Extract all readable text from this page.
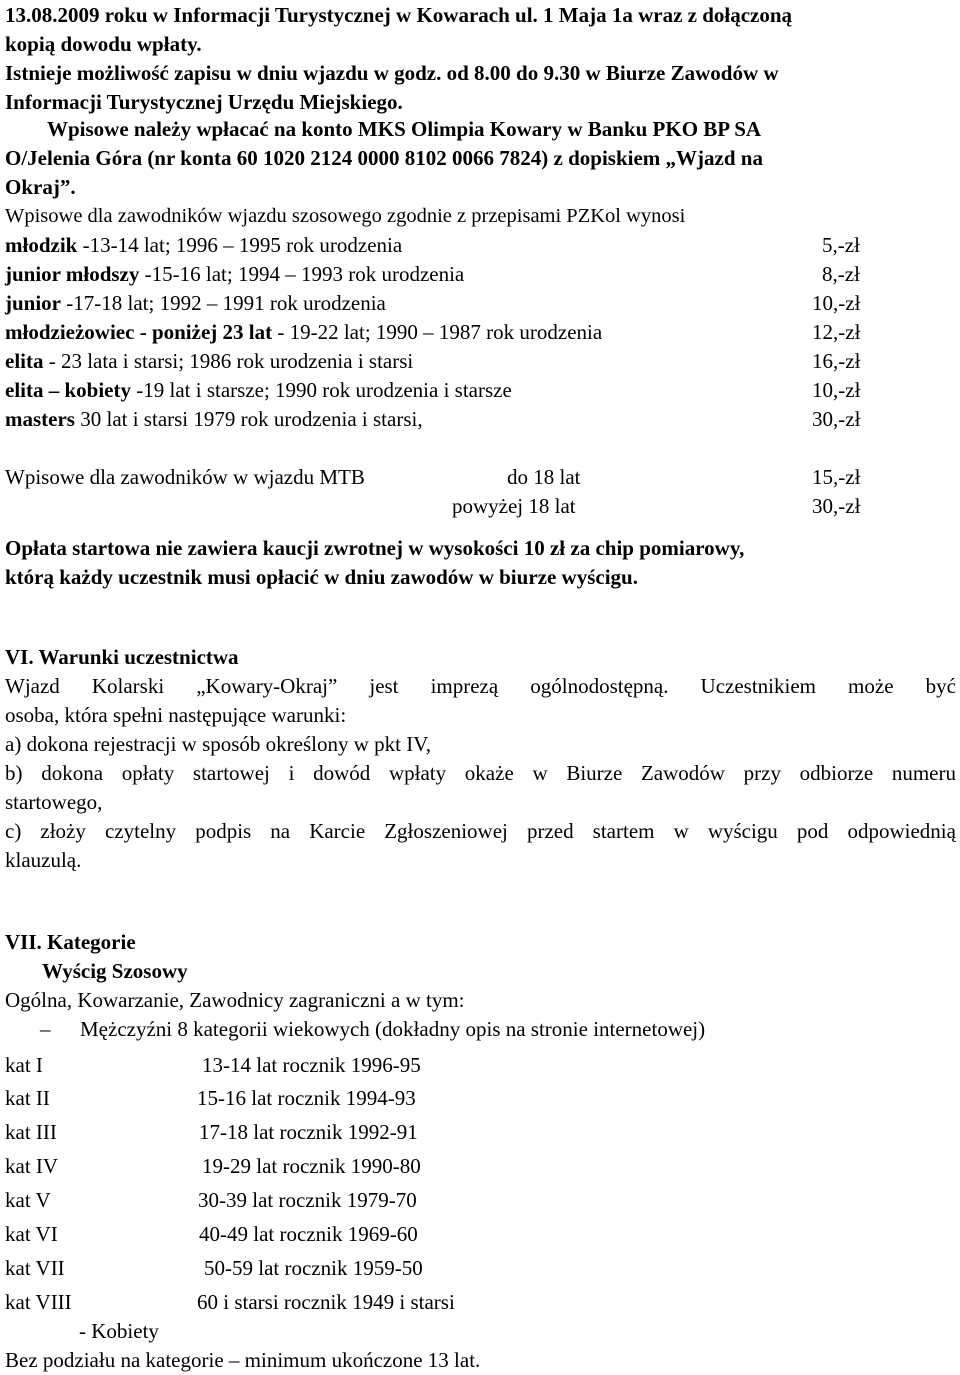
13.08.2009 roku w Informacji Turystycznej w Kowarach ul. 1 Maja 1a wraz z dołączoną
kopią dowodu wpłaty.
Istnieje możliwość zapisu w dniu wjazdu w godz. od 8.00 do 9.30 w Biurze Zawodów w
Informacji Turystycznej Urzędu Miejskiego.
Wpisowe należy wpłacać na konto MKS Olimpia Kowary w Banku PKO BP SA
O/Jelenia Góra (nr konta 60 1020 2124 0000 8102 0066 7824) z dopiskiem „Wjazd na
Okraj”.
Wpisowe dla zawodników wjazdu szosowego zgodnie z przepisami PZKol wynosi
młodzik -13-14 lat; 1996 – 1995 rok urodzenia	5,-zł
junior młodszy -15-16 lat; 1994 – 1993 rok urodzenia	8,-zł
junior -17-18 lat; 1992 – 1991 rok urodzenia	10,-zł
młodzieżowiec - poniżej 23 lat - 19-22 lat; 1990 – 1987 rok urodzenia	12,-zł
elita - 23 lata i starsi; 1986 rok urodzenia i starsi	16,-zł
elita – kobiety -19 lat i starsze; 1990 rok urodzenia i starsze	10,-zł
masters 30 lat i starsi 1979 rok urodzenia i starsi,	30,-zł
Wpisowe dla zawodników w wjazdu MTB	do 18 lat	15,-zł
powyżej 18 lat	30,-zł
Opłata startowa nie zawiera kaucji zwrotnej w wysokości 10 zł za chip pomiarowy,
którą każdy uczestnik musi opłacić w dniu zawodów w biurze wyścigu.
VI. Warunki uczestnictwa
Wjazd Kolarski „Kowary-Okraj” jest imprezą ogólnodostępną. Uczestnikiem może być
osoba, która spełni następujące warunki:
a) dokona rejestracji w sposób określony w pkt IV,
b) dokona opłaty startowej i dowód wpłaty okaże w Biurze Zawodów przy odbiorze numeru
startowego,
c) złoży czytelny podpis na Karcie Zgłoszeniowej przed startem w wyścigu pod odpowiednią
klauzulą.
VII. Kategorie
Wyścig Szosowy
Ogólna, Kowarzanie, Zawodnicy zagraniczni a w tym:
– Mężczyźni 8 kategorii wiekowych (dokładny opis na stronie internetowej)
kat I	13-14 lat rocznik 1996-95
kat II	15-16 lat rocznik 1994-93
kat III	17-18 lat rocznik 1992-91
kat IV	19-29 lat rocznik 1990-80
kat V	30-39 lat rocznik 1979-70
kat VI	40-49 lat rocznik 1969-60
kat VII	50-59 lat rocznik 1959-50
kat VIII	60 i starsi rocznik 1949 i starsi
- Kobiety
Bez podziału na kategorie – minimum ukończone 13 lat.
